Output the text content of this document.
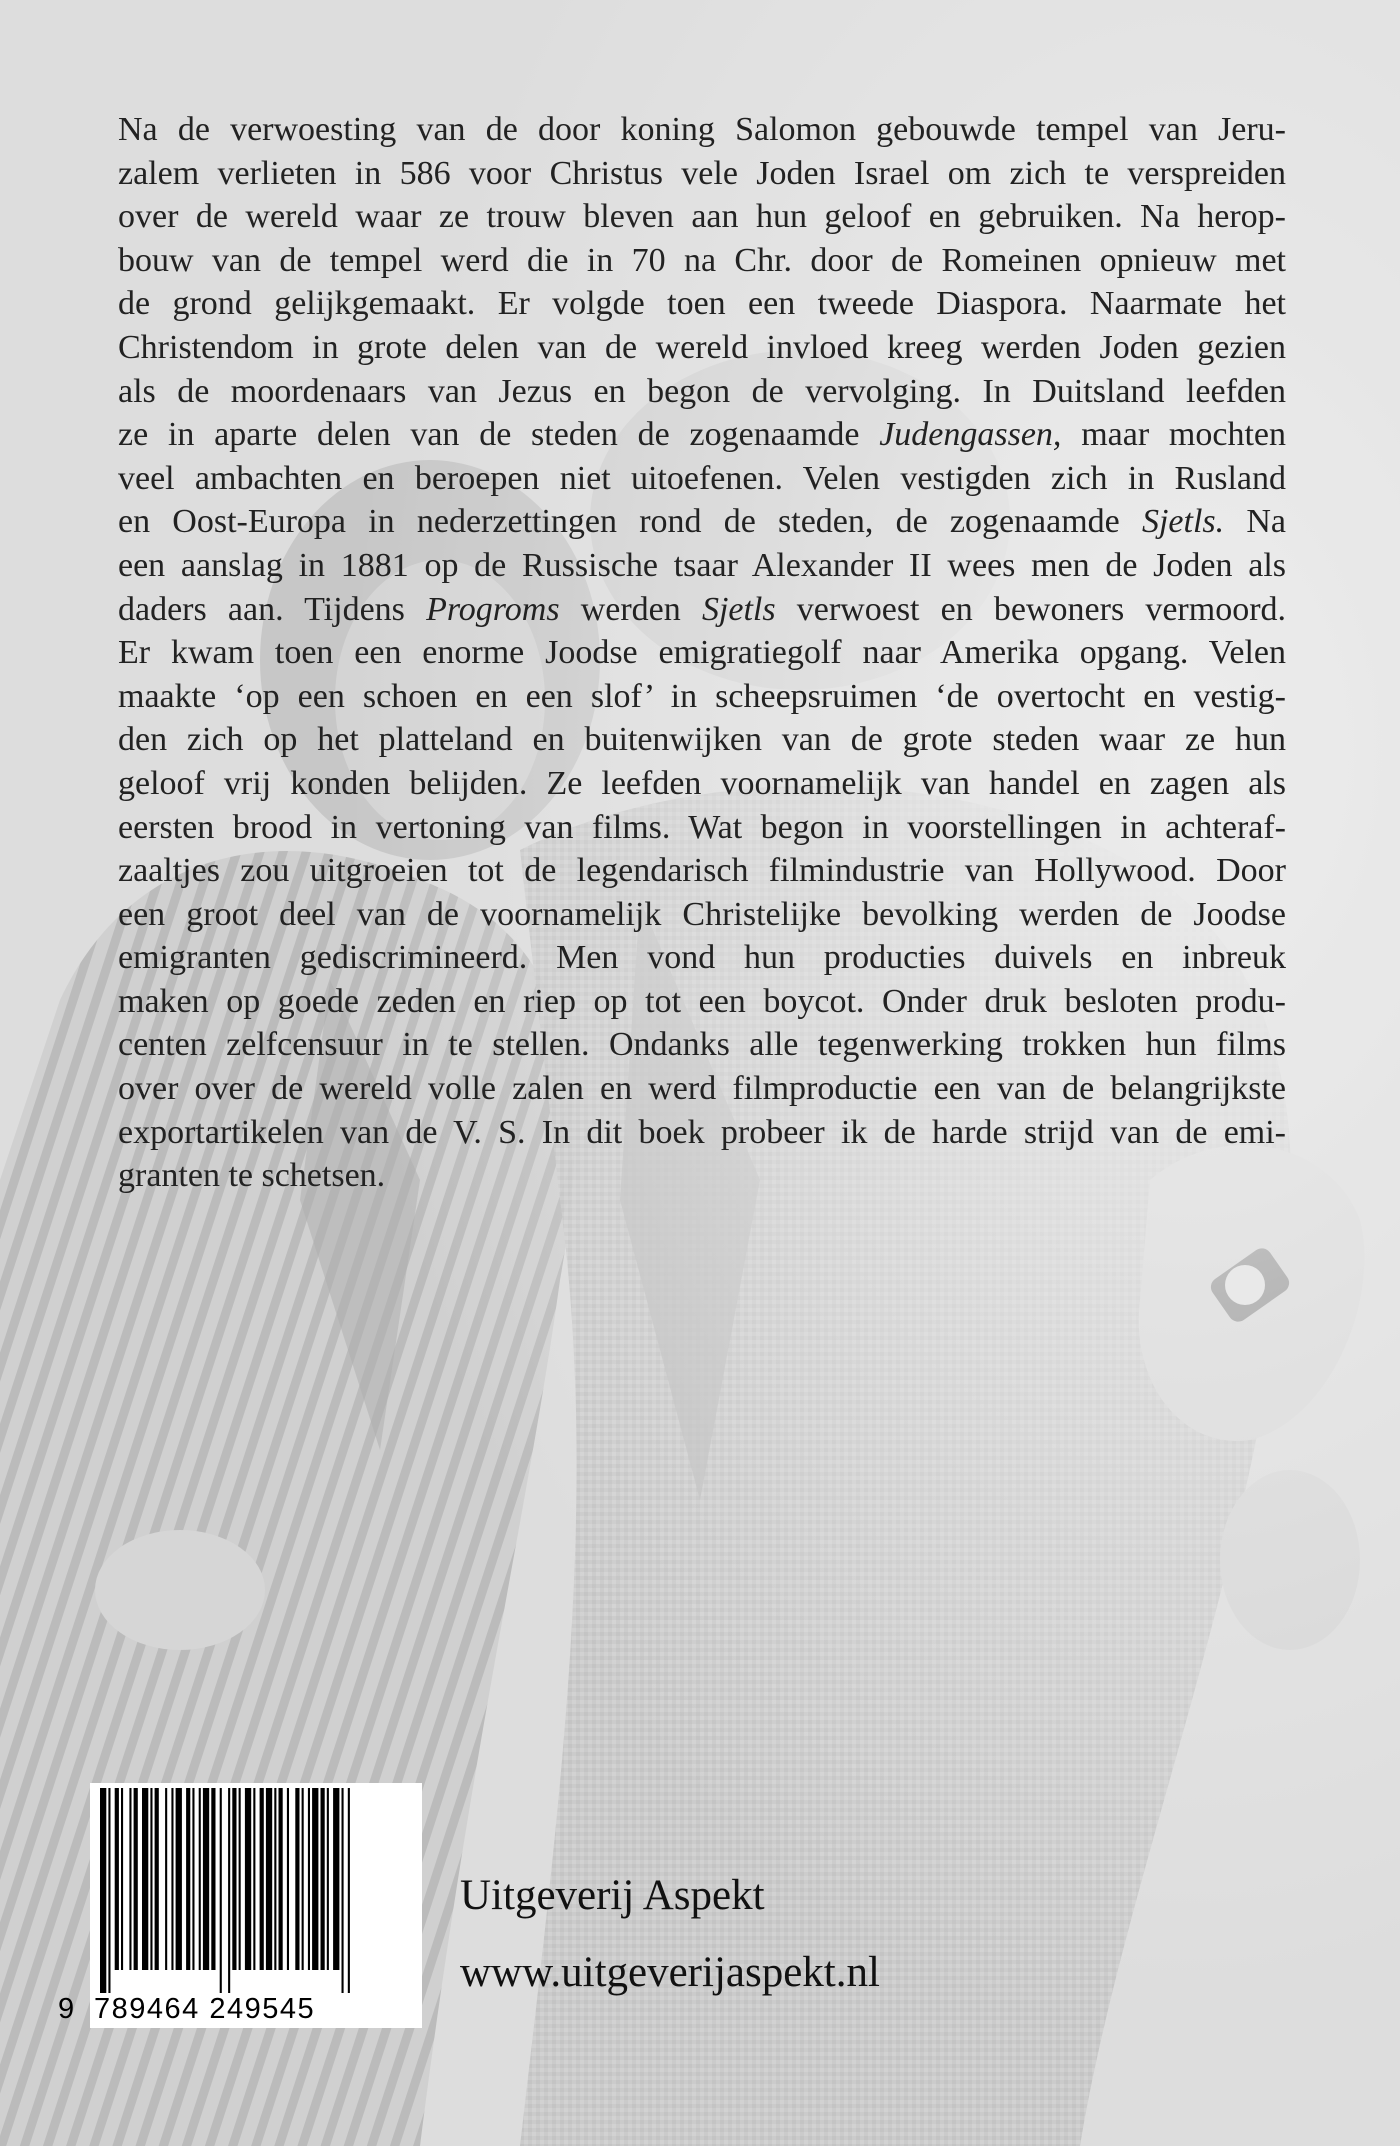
Na de verwoesting van de door koning Salomon gebouwde tempel van Jeru-
zalem verlieten in 586 voor Christus vele Joden Israel om zich te verspreiden
over de wereld waar ze trouw bleven aan hun geloof en gebruiken. Na herop-
bouw van de tempel werd die in 70 na Chr. door de Romeinen opnieuw met
de grond gelijkgemaakt. Er volgde toen een tweede Diaspora. Naarmate het
Christendom in grote delen van de wereld invloed kreeg werden Joden gezien
als de moordenaars van Jezus en begon de vervolging. In Duitsland leefden
ze in aparte delen van de steden de zogenaamde Judengassen, maar mochten
veel ambachten en beroepen niet uitoefenen. Velen vestigden zich in Rusland
en Oost-Europa in nederzettingen rond de steden, de zogenaamde Sjetls. Na
een aanslag in 1881 op de Russische tsaar Alexander II wees men de Joden als
daders aan. Tijdens Progroms werden Sjetls verwoest en bewoners vermoord.
Er kwam toen een enorme Joodse emigratiegolf naar Amerika opgang. Velen
maakte ‘op een schoen en een slof’ in scheepsruimen ‘de overtocht en vestig-
den zich op het platteland en buitenwijken van de grote steden waar ze hun
geloof vrij konden belijden. Ze leefden voornamelijk van handel en zagen als
eersten brood in vertoning van films. Wat begon in voorstellingen in achteraf-
zaaltjes zou uitgroeien tot de legendarisch filmindustrie van Hollywood. Door
een groot deel van de voornamelijk Christelijke bevolking werden de Joodse
emigranten gediscrimineerd. Men vond hun producties duivels en inbreuk
maken op goede zeden en riep op tot een boycot. Onder druk besloten produ-
centen zelfcensuur in te stellen. Ondanks alle tegenwerking trokken hun films
over over de wereld volle zalen en werd filmproductie een van de belangrijkste
exportartikelen van de V. S. In dit boek probeer ik de harde strijd van de emi-
granten te schetsen.
9 789464 249545
Uitgeverij Aspekt
www.uitgeverijaspekt.nl
